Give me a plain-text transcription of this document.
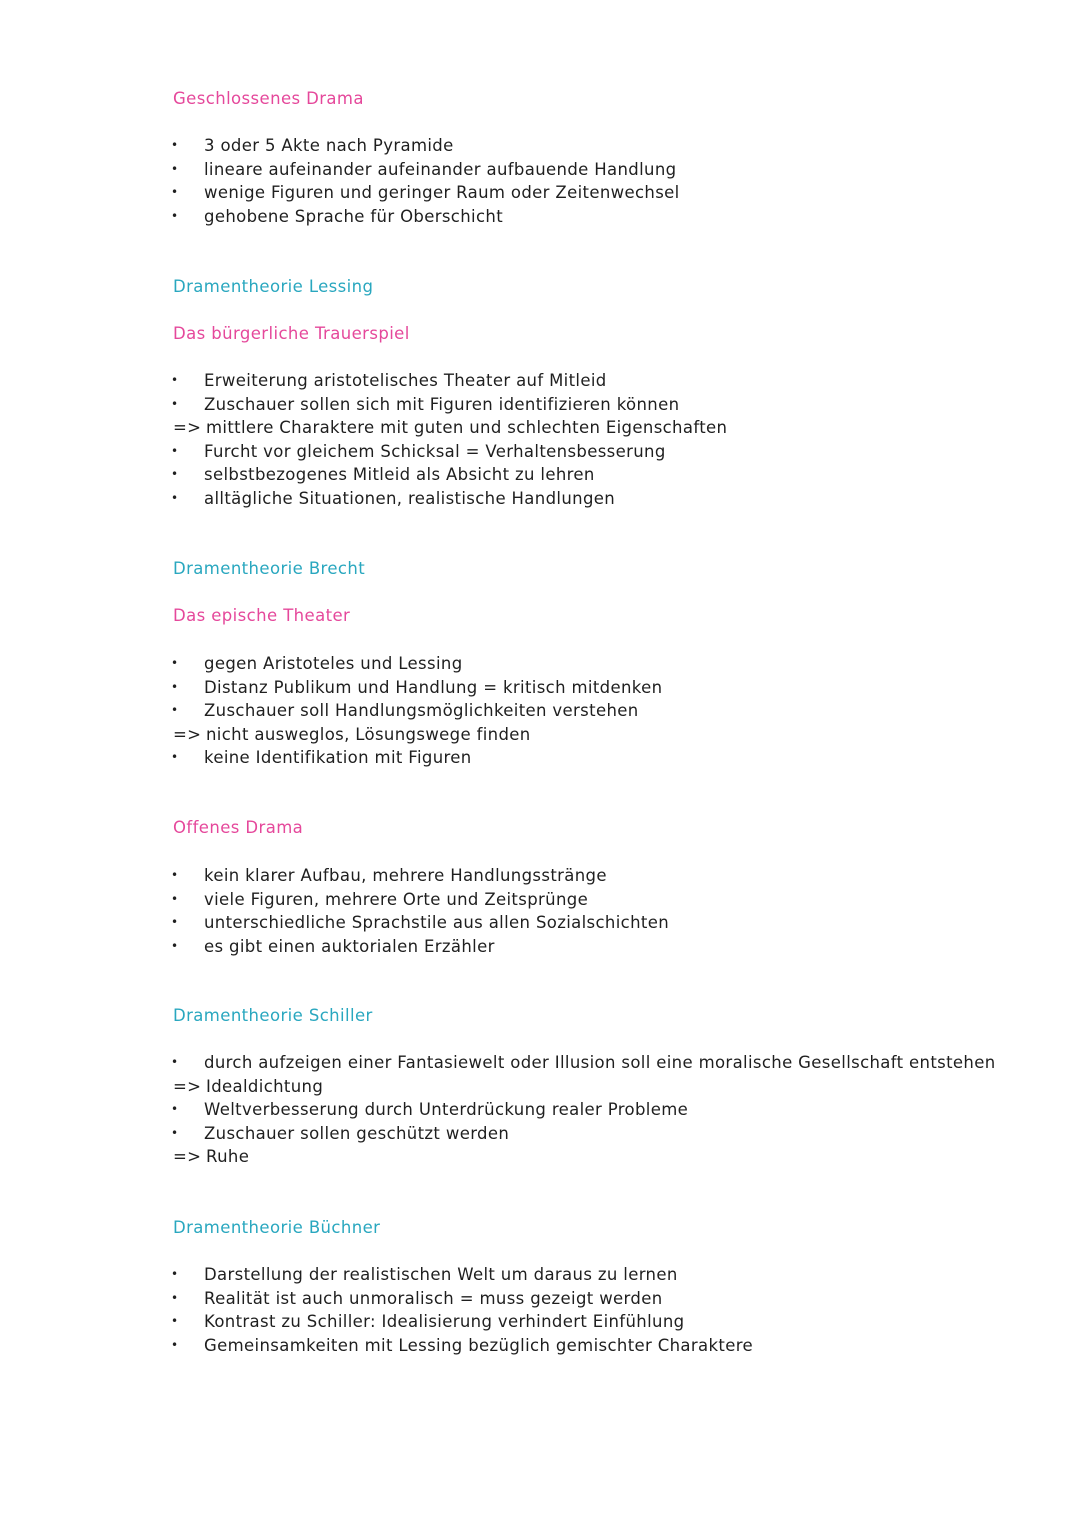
Geschlossenes Drama
•	3 oder 5 Akte nach Pyramide
•	lineare aufeinander aufeinander aufbauende Handlung
•	wenige Figuren und geringer Raum oder Zeitenwechsel
•	gehobene Sprache für Oberschicht
Dramentheorie Lessing
Das bürgerliche Trauerspiel
•	Erweiterung aristotelisches Theater auf Mitleid
•	Zuschauer sollen sich mit Figuren identifizieren können
=> mittlere Charaktere mit guten und schlechten Eigenschaften
•	Furcht vor gleichem Schicksal = Verhaltensbesserung
•	selbstbezogenes Mitleid als Absicht zu lehren
•	alltägliche Situationen, realistische Handlungen
Dramentheorie Brecht
Das epische Theater
•	gegen Aristoteles und Lessing
•	Distanz Publikum und Handlung = kritisch mitdenken
•	Zuschauer soll Handlungsmöglichkeiten verstehen
=> nicht ausweglos, Lösungswege finden
•	keine Identifikation mit Figuren
Offenes Drama
•	kein klarer Aufbau, mehrere Handlungsstränge
•	viele Figuren, mehrere Orte und Zeitsprünge
•	unterschiedliche Sprachstile aus allen Sozialschichten
•	es gibt einen auktorialen Erzähler
Dramentheorie Schiller
•	durch aufzeigen einer Fantasiewelt oder Illusion soll eine moralische Gesellschaft entstehen
=> Idealdichtung
•	Weltverbesserung durch Unterdrückung realer Probleme
•	Zuschauer sollen geschützt werden
=> Ruhe
Dramentheorie Büchner
•	Darstellung der realistischen Welt um daraus zu lernen
•	Realität ist auch unmoralisch = muss gezeigt werden
•	Kontrast zu Schiller: Idealisierung verhindert Einfühlung
•	Gemeinsamkeiten mit Lessing bezüglich gemischter Charaktere
